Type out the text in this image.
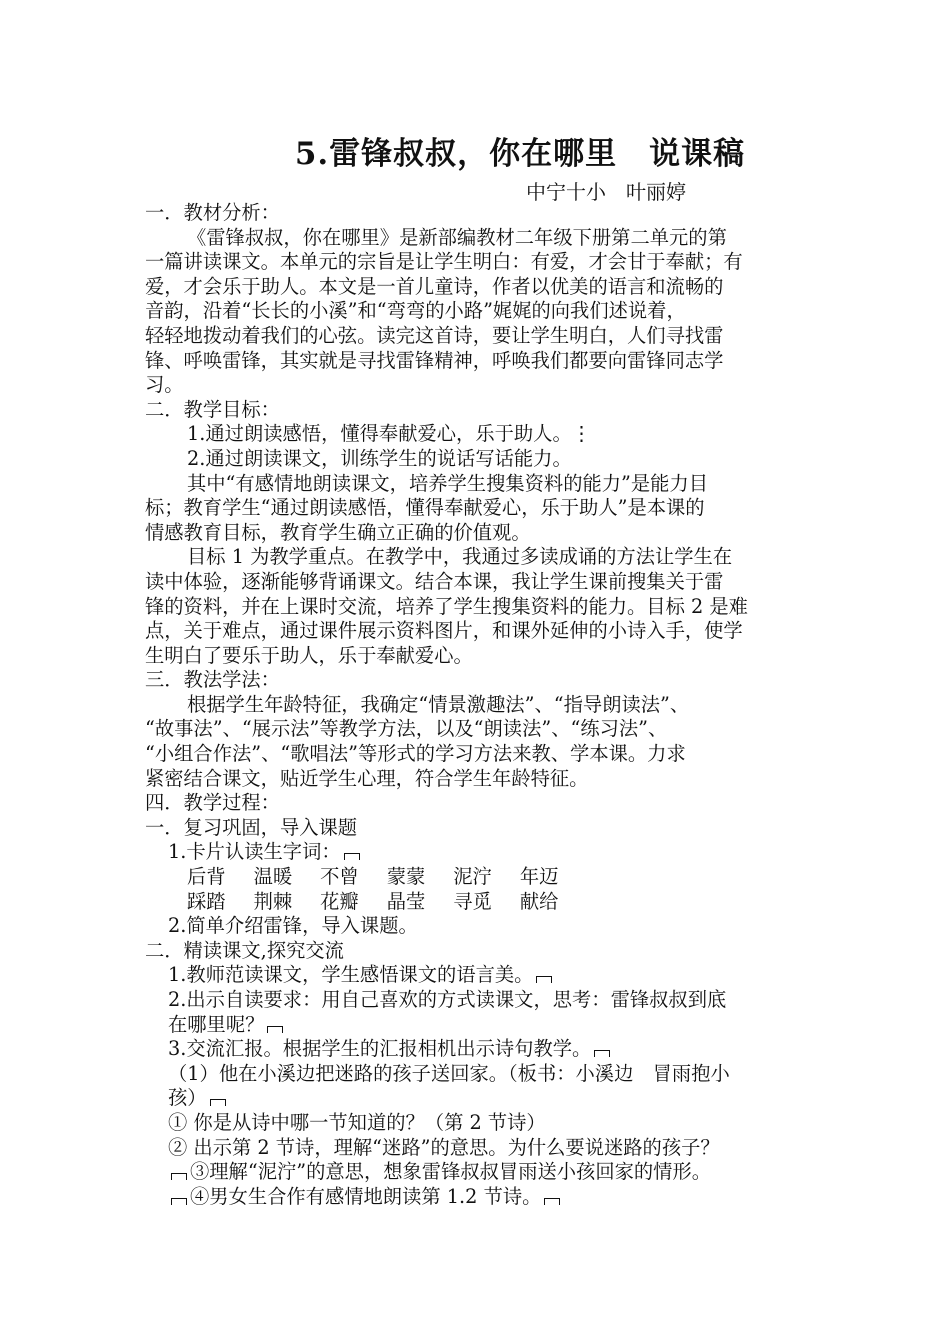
5.雷锋叔叔，你在哪里　说课稿
中宁十小　叶丽婷
一．教材分析：
《雷锋叔叔，你在哪里》是新部编教材二年级下册第二单元的第
一篇讲读课文。本单元的宗旨是让学生明白：有爱，才会甘于奉献；有
爱，才会乐于助人。本文是一首儿童诗，作者以优美的语言和流畅的
音韵，沿着“长长的小溪”和“弯弯的小路”娓娓的向我们述说着，
轻轻地拨动着我们的心弦。读完这首诗，要让学生明白，人们寻找雷
锋、呼唤雷锋，其实就是寻找雷锋精神，呼唤我们都要向雷锋同志学
习。
二．教学目标：
1.通过朗读感悟，懂得奉献爱心，乐于助人。⋮
2.通过朗读课文，训练学生的说话写话能力。
其中“有感情地朗读课文，培养学生搜集资料的能力”是能力目
标；教育学生“通过朗读感悟，懂得奉献爱心，乐于助人”是本课的
情感教育目标，教育学生确立正确的价值观。
目标 1 为教学重点。在教学中，我通过多读成诵的方法让学生在
读中体验，逐渐能够背诵课文。结合本课，我让学生课前搜集关于雷
锋的资料，并在上课时交流，培养了学生搜集资料的能力。目标 2 是难
点，关于难点，通过课件展示资料图片，和课外延伸的小诗入手，使学
生明白了要乐于助人，乐于奉献爱心。
三．教法学法：
根据学生年龄特征，我确定“情景激趣法”、“指导朗读法”、
“故事法”、“展示法”等教学方法，以及“朗读法”、“练习法”、
“小组合作法”、“歌唱法”等形式的学习方法来教、学本课。力求
紧密结合课文，贴近学生心理，符合学生年龄特征。
四．教学过程：
一．复习巩固，导入课题
1.卡片认读生字词：
后背 温暖 不曾 蒙蒙 泥泞 年迈
踩踏 荆棘 花瓣 晶莹 寻觅 献给
2.简单介绍雷锋，导入课题。
二．精读课文,探究交流
1.教师范读课文，学生感悟课文的语言美。
2.出示自读要求：用自己喜欢的方式读课文，思考：雷锋叔叔到底
在哪里呢？
3.交流汇报。根据学生的汇报相机出示诗句教学。
（1）他在小溪边把迷路的孩子送回家。（板书：小溪边　冒雨抱小
孩）
① 你是从诗中哪一节知道的？（第 2 节诗）
② 出示第 2 节诗，理解“迷路”的意思。为什么要说迷路的孩子？
③理解“泥泞”的意思，想象雷锋叔叔冒雨送小孩回家的情形。
④男女生合作有感情地朗读第 1.2 节诗。
